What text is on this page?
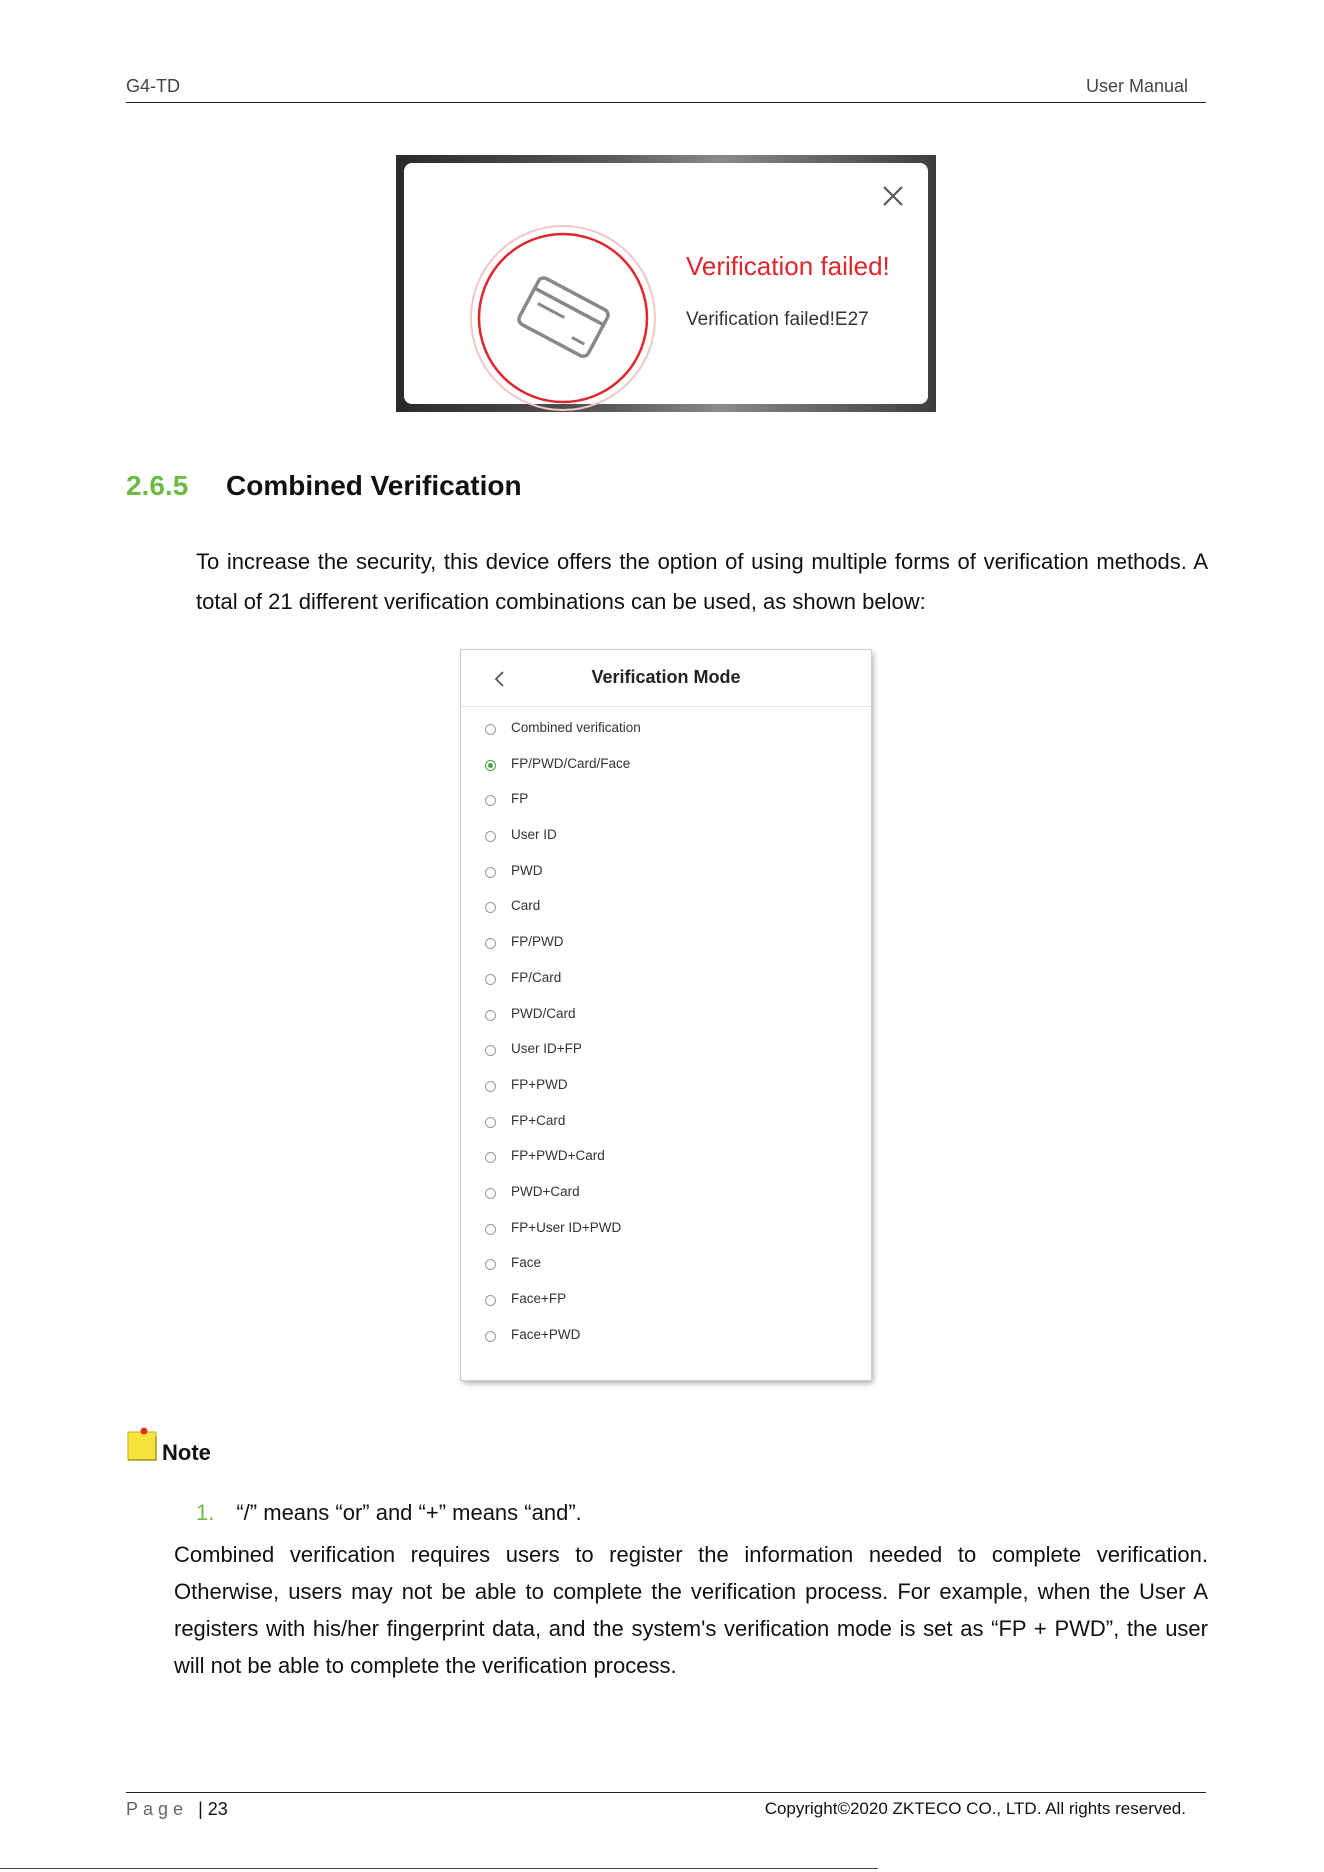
G4-TD	User Manual
Verification failed!
Verification failed!E27
2.6.5 Combined Verification
To increase the security, this device offers the option of using multiple forms of verification methods. A total of 21 different verification combinations can be used, as shown below:
Verification Mode
Combined verification
FP/PWD/Card/Face
FP
User ID
PWD
Card
FP/PWD
FP/Card
PWD/Card
User ID+FP
FP+PWD
FP+Card
FP+PWD+Card
PWD+Card
FP+User ID+PWD
Face
Face+FP
Face+PWD
Note
1. “/” means “or” and “+” means “and”.
Combined verification requires users to register the information needed to complete verification. Otherwise, users may not be able to complete the verification process. For example, when the User A registers with his/her fingerprint data, and the system's verification mode is set as “FP + PWD”, the user will not be able to complete the verification process.
Page | 23	Copyright©2020 ZKTECO CO., LTD. All rights reserved.
